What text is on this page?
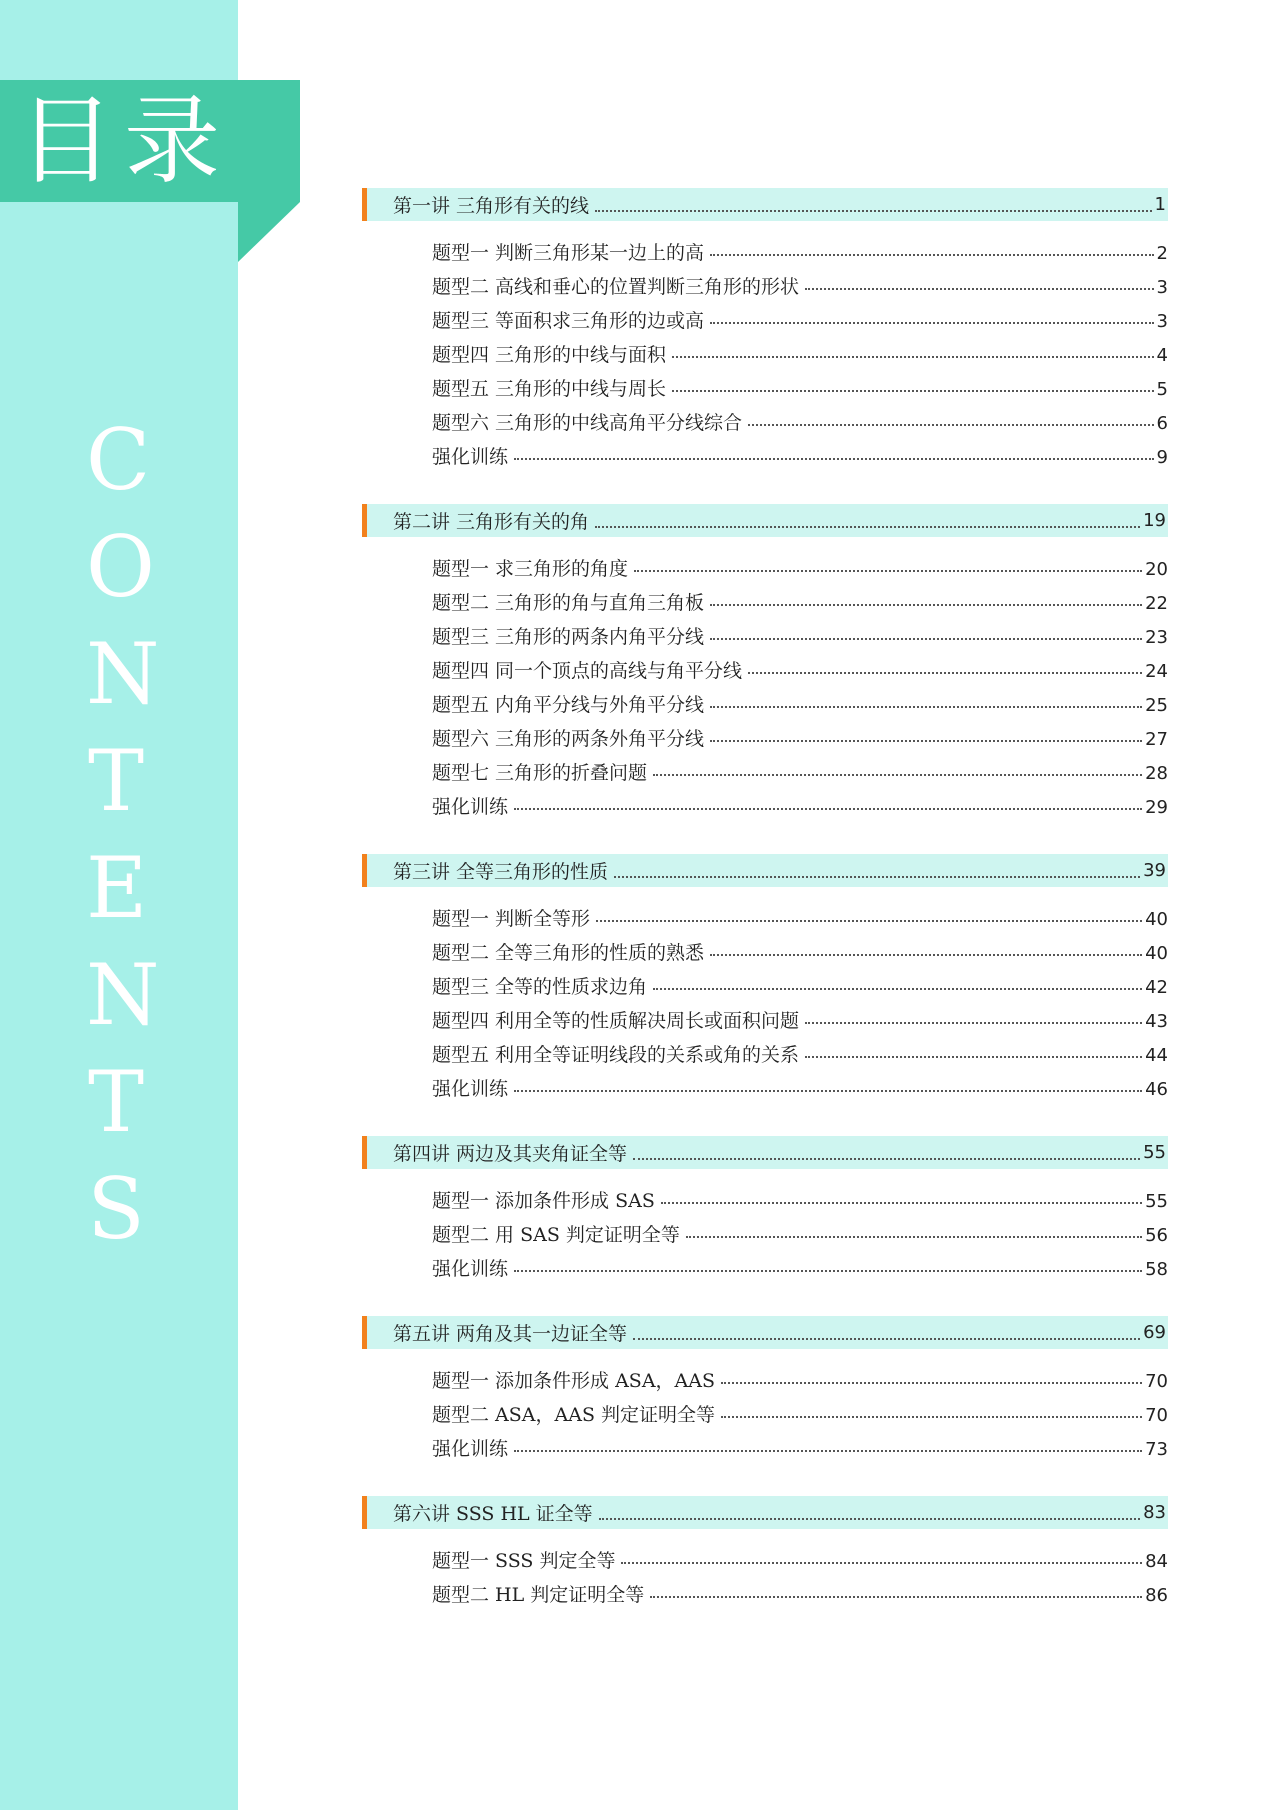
目录
C
O
N
T
E
N
T
S
第一讲 三角形有关的线	1
题型一 判断三角形某一边上的高	2
题型二 高线和垂心的位置判断三角形的形状	3
题型三 等面积求三角形的边或高	3
题型四 三角形的中线与面积	4
题型五 三角形的中线与周长	5
题型六 三角形的中线高角平分线综合	6
强化训练	9
第二讲 三角形有关的角	19
题型一 求三角形的角度	20
题型二 三角形的角与直角三角板	22
题型三 三角形的两条内角平分线	23
题型四 同一个顶点的高线与角平分线	24
题型五 内角平分线与外角平分线	25
题型六 三角形的两条外角平分线	27
题型七 三角形的折叠问题	28
强化训练	29
第三讲 全等三角形的性质	39
题型一 判断全等形	40
题型二 全等三角形的性质的熟悉	40
题型三 全等的性质求边角	42
题型四 利用全等的性质解决周长或面积问题	43
题型五 利用全等证明线段的关系或角的关系	44
强化训练	46
第四讲 两边及其夹角证全等	55
题型一 添加条件形成 SAS	55
题型二 用 SAS 判定证明全等	56
强化训练	58
第五讲 两角及其一边证全等	69
题型一 添加条件形成 ASA，AAS	70
题型二 ASA，AAS 判定证明全等	70
强化训练	73
第六讲 SSS HL 证全等	83
题型一 SSS 判定全等	84
题型二 HL 判定证明全等	86
